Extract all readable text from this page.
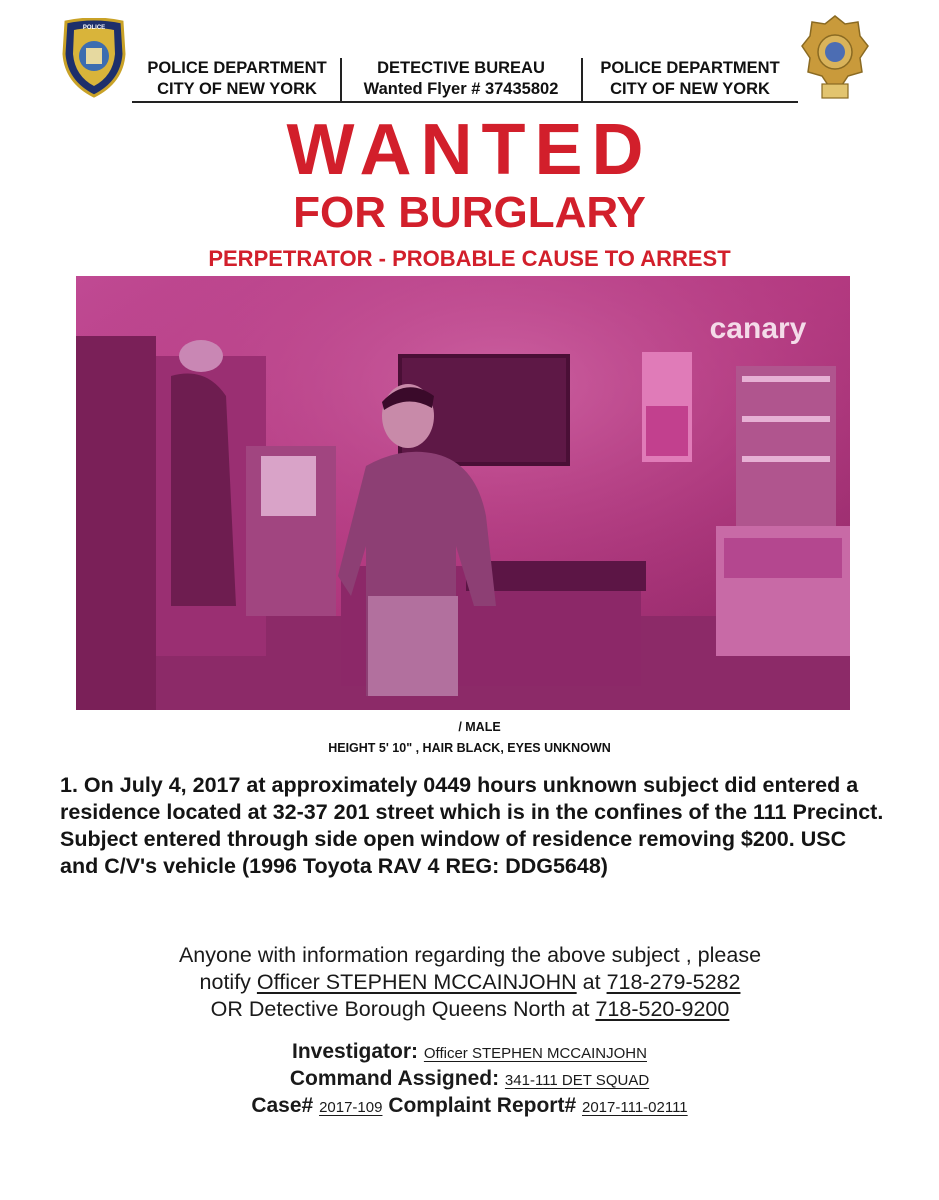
POLICE
POLICE DEPARTMENT
CITY OF NEW YORK
DETECTIVE BUREAU
Wanted Flyer # 37435802
POLICE DEPARTMENT
CITY OF NEW YORK
WANTED
FOR BURGLARY
PERPETRATOR - PROBABLE CAUSE TO ARREST
canary
/ MALE
HEIGHT 5' 10" , HAIR BLACK, EYES UNKNOWN
1. On July 4, 2017 at approximately 0449 hours unknown subject did entered a residence located at 32-37 201 street which is in the confines of the 111 Precinct. Subject entered through side open window of residence removing $200. USC and C/V's vehicle (1996 Toyota RAV 4 REG: DDG5648)
Anyone with information regarding the above subject , please
notify Officer STEPHEN MCCAINJOHN at 718-279-5282
OR Detective Borough Queens North at 718-520-9200
Investigator: Officer STEPHEN MCCAINJOHN
Command Assigned: 341-111 DET SQUAD
Case# 2017-109 Complaint Report# 2017-111-02111
